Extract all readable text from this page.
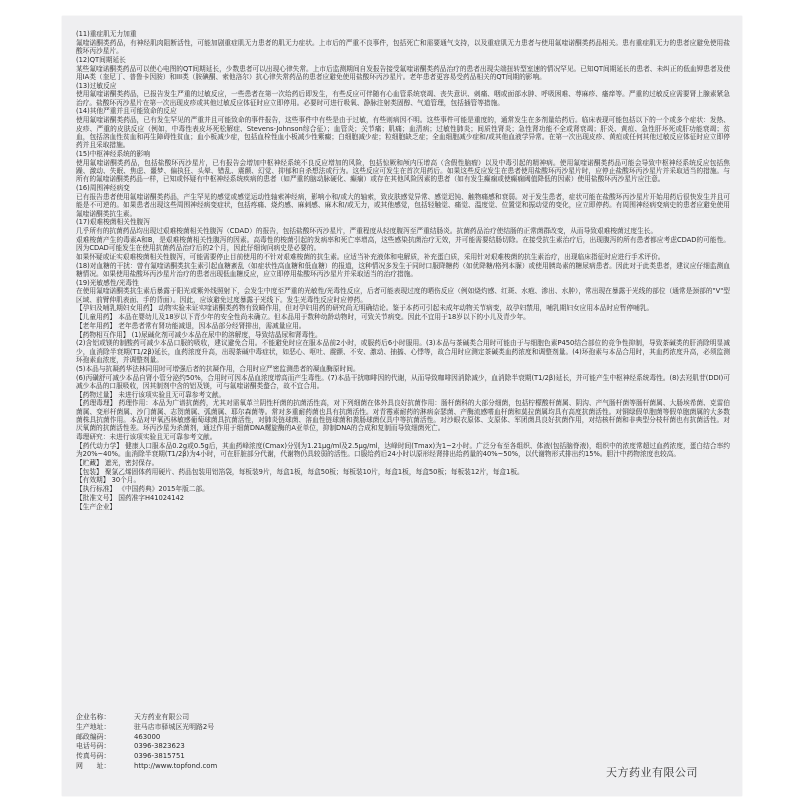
(11)重症肌无力加重

氟喹诺酮类药品，有神经肌肉阻断活性，可能加剧重症肌无力患者的肌无力症状。上市后的严重不良事件，包括死亡和需要通气支持，以及重症肌无力患者与使用氟喹诺酮类药品相关。患有重症肌无力的患者应避免使用盐酸环丙沙星片。

(12)QT间期延长

某些氟喹诺酮类药品可以使心电图的QT间期延长，少数患者可以出现心律失常。上市后监测期间自发报告接受氟喹诺酮类药品治疗的患者出现尖端扭转型室速的情况罕见。已知QT间期延长的患者、未纠正的低血钾患者及使用IA类（奎尼丁、普鲁卡因胺）和III类（胺碘酮、索他洛尔）抗心律失常药品的患者应避免使用盐酸环丙沙星片。老年患者更容易受药品相关的QT间期的影响。

(13)过敏反应

使用氟喹诺酮类药品，已报告发生严重的过敏反应，一些患者在第一次给药后即发生，有些反应可伴随有心血管系统衰竭、丧失意识、刺痛、咽或面部水肿、呼吸困难、荨麻疹、瘙痒等。严重的过敏反应需要肾上腺素紧急治疗。盐酸环丙沙星片在第一次出现皮疹或其他过敏反应体征时应立即停用。必要时可进行吸氧、静脉注射类固醇、气道管理，包括插管等措施。

(14)其他严重并且可能致命的反应

使用氟喹诺酮类药品，已有发生罕见的严重并且可能致命的事件报告，这些事件中有些是由于过敏，有些则病因不明。这些事件可能是重度的，通常发生在多剂量给药后。临床表现可能包括以下的一个或多个症状：发热、皮疹、严重的皮肤反应（例如，中毒性表皮坏死松解症、Stevens-Johnson综合征）；血管炎；关节痛；肌痛；血清病；过敏性肺炎；间质性肾炎；急性肾功能不全或肾衰竭；肝炎、黄疸、急性肝坏死或肝功能衰竭；贫血，包括溶血性贫血和再生障碍性贫血；血小板减少症，包括血栓性血小板减少性紫癜；白细胞减少症；粒细胞缺乏症；全血细胞减少症和/或其他血液学异常。在第一次出现皮疹、黄疸或任何其他过敏反应体征时应立即停药并且采取措施。

(15)中枢神经系统的影响

使用氟喹诺酮类药品，包括盐酸环丙沙星片，已有报告会增加中枢神经系统不良反应增加的风险，包括惊厥和颅内压增高（含假性脑瘤）以及中毒引起的精神病。使用氟喹诺酮类药品可能会导致中枢神经系统反应包括焦躁、激动、失眠、焦虑、噩梦、偏执狂、头晕、错乱、震颤、幻觉、抑郁和自杀想法或行为。这些反应可发生在首次用药后。如果这些反应发生在患者使用盐酸环丙沙星片时，应停止盐酸环丙沙星片并采取适当的措施。与所有的氟喹诺酮类药品一样，已知或怀疑有中枢神经系统疾病的患者（如严重的脑动脉硬化、癫痫）或存在其他风险因素的患者（如有发生癫痫或使癫痫阈值降低的因素）使用盐酸环丙沙星片应注意。

(16)周围神经病变

已有报告患者使用氟喹诺酮类药品，产生罕见的感觉或感觉运动性轴索神经病，影响小和/或大的轴索，致皮肤感觉异常、感觉迟钝、触物痛感和衰弱。对于发生患者，症状可能在盐酸环丙沙星片开始用药后很快发生并且可能是不可逆的。如果患者出现这些周围神经病变症状，包括疼痛、烧灼感、麻刺感、麻木和/或无力，或其他感觉，包括轻触觉、痛觉、温度觉、位置觉和振动觉的变化，应立即停药。有周围神经病变病史的患者应避免使用氟喹诺酮类抗生素。

(17)艰难梭菌相关性腹泻

几乎所有的抗菌药品均出现过艰难梭菌相关性腹泻（CDAD）的报告，包括盐酸环丙沙星片，严重程度从轻度腹泻至严重结肠炎。抗菌药品治疗使结肠的正常菌群改变，从而导致艰难梭菌过度生长。

艰难梭菌产生的毒素A和B，是艰难梭菌相关性腹泻的因素。高毒性的梭菌引起的发病率和死亡率增高，这些感染抗菌治疗无效，并可能需要结肠切除。在接受抗生素治疗后，出现腹泻的所有患者都应考虑CDAD的可能性。因为CDAD可能发生在使用抗菌药品治疗后的2个月，因此仔细询问病史是必要的。

如果怀疑或证实艰难梭菌相关性腹泻，可能需要停止目前使用的不针对艰难梭菌的抗生素。应适当补充液体和电解质，补充蛋白质，采用针对艰难梭菌的抗生素治疗，出现临床指征时应进行手术评价。

(18)对血糖的干扰：曾有氟喹诺酮类抗生素引起血糖紊乱（如症状性高血糖和低血糖）的报道，这种情况多发生于同时口服降糖药（如优降糖/格列本脲）或使用胰岛素的糖尿病患者。因此对于此类患者，建议应仔细监测血糖情况。如果使用盐酸环丙沙星片治疗的患者出现低血糖反应，应立即停用盐酸环丙沙星片并采取适当的治疗措施。

(19)光敏感性/光毒性

在使用氟喹诺酮类抗生素后暴露于阳光或紫外线照射下，会发生中度至严重的光敏性/光毒性反应，后者可能表现过度的晒伤反应（例如烧灼感、红斑、水疱、渗出、水肿），常出现在暴露于光线的部位（通常是颈部的"V"型区域、前臂伸肌表面、手的背面）。因此，应该避免过度暴露于光线下。发生光毒性反应时应停药。

【孕妇及哺乳期妇女用药】 动物实验未证实喹诺酮类药物有致畸作用，但对孕妇用药的研究尚无明确结论。鉴于本药可引起未成年动物关节病变，故孕妇禁用，哺乳期妇女应用本品时应暂停哺乳。

【儿童用药】 本品在婴幼儿及18岁以下青少年的安全性尚未确立。但本品用于数种幼龄动物时，可致关节病变。因此不宜用于18岁以下的小儿及青少年。

【老年用药】 老年患者常有肾功能减退，因本品部分经肾排出，需减量应用。

【药物相互作用】 (1)尿碱化剂可减少本品在尿中的溶解度，导致结晶尿和肾毒性。

(2)含铝或镁的制酸药可减少本品口服的吸收，建议避免合用。不能避免时应在服本品前2小时，或服药后6小时服用。(3)本品与茶碱类合用时可能由于与细胞色素P450结合部位的竞争性抑制，导致茶碱类的肝消除明显减少，血消除半衰期(T1/2β)延长，血药浓度升高，出现茶碱中毒症状，如恶心、呕吐、震颤、不安、激动、抽搐、心悸等，故合用时应测定茶碱类血药浓度和调整剂量。(4)环孢素与本品合用时，其血药浓度升高，必须监测环孢素血浓度，并调整剂量。

(5)本品与抗凝药华法林同用时可增强后者的抗凝作用，合用时应严密监测患者的凝血酶原时间。

(6)丙磺舒可减少本品自肾小管分泌约50%，合用时可因本品血浓度增高而产生毒性。(7)本品干扰咖啡因的代谢，从而导致咖啡因消除减少，血消除半衰期(T1/2β)延长，并可能产生中枢神经系统毒性。(8)去羟肌苷(DDI)可减少本品的口服吸收，因其制剂中含的铝及镁，可与氟喹诺酮类螯合，故不宜合用。

【药物过量】 未进行该项实验且无可靠参考文献。

【药理毒理】 药理作用：本品为广谱抗菌药，尤其对需氧革兰阴性杆菌的抗菌活性高，对下列细菌在体外具良好抗菌作用：肠杆菌科的大部分细菌，包括柠檬酸杆菌属、阴沟、产气肠杆菌等肠杆菌属、大肠埃希菌、克雷伯菌属、变形杆菌属、沙门菌属、志贺菌属、弧菌属、耶尔森菌等。常对多重耐药菌也具有抗菌活性。对青霉素耐药的淋病奈瑟菌、产酶流感嗜血杆菌和莫拉菌属均具有高度抗菌活性。对铜绿假单胞菌等假单胞菌属的大多数菌株具抗菌作用。本品对甲氧西林敏感葡萄球菌具抗菌活性，对肺炎链球菌、溶血性链球菌和粪肠球菌仅具中等抗菌活性。对沙眼衣原体、支原体、军团菌具良好抗菌作用，对结核杆菌和非典型分枝杆菌也有抗菌活性。对厌氧菌的抗菌活性差。环丙沙星为杀菌剂，通过作用于细菌DNA螺旋酶的A亚单位，抑制DNA的合成和复制而导致细菌死亡。

毒理研究：未进行该项实验且无可靠参考文献。

【药代动力学】 健康人口服本品0.2g或0.5g后，其血药峰浓度(Cmax)分别为1.21μg/ml及2.5μg/ml，达峰时间(Tmax)为1~2小时。广泛分布至各组织、体液(包括脑脊液)，组织中的浓度常超过血药浓度，蛋白结合率约为20%~40%。血消除半衰期(T1/2β)为4小时，可在肝脏部分代谢，代谢物仍具较弱的活性。口服给药后24小时以原形经肾排出给药量的40%~50%，以代谢物形式排出约15%。胆汁中药物浓度也较高。

【贮藏】 遮光，密封保存。

【包装】 聚氯乙烯固体药用硬片、药品包装用铝箔袋，每板装9片，每盒1板，每盒50板；每板装10片，每盒1板，每盒50板；每板装12片，每盒1板。

【有效期】 30个月。

【执行标准】 《中国药典》2015年版二部。

【批准文号】 国药准字H41024142

【生产企业】

企业名称：	天方药业有限公司
生产地址：	驻马店市驿城区光明路2号
邮政编码：	463000
电话号码：	0396-3823623
传真号码：	0396-3815751
网　　址：	http://www.topfond.com
天方药业有限公司
